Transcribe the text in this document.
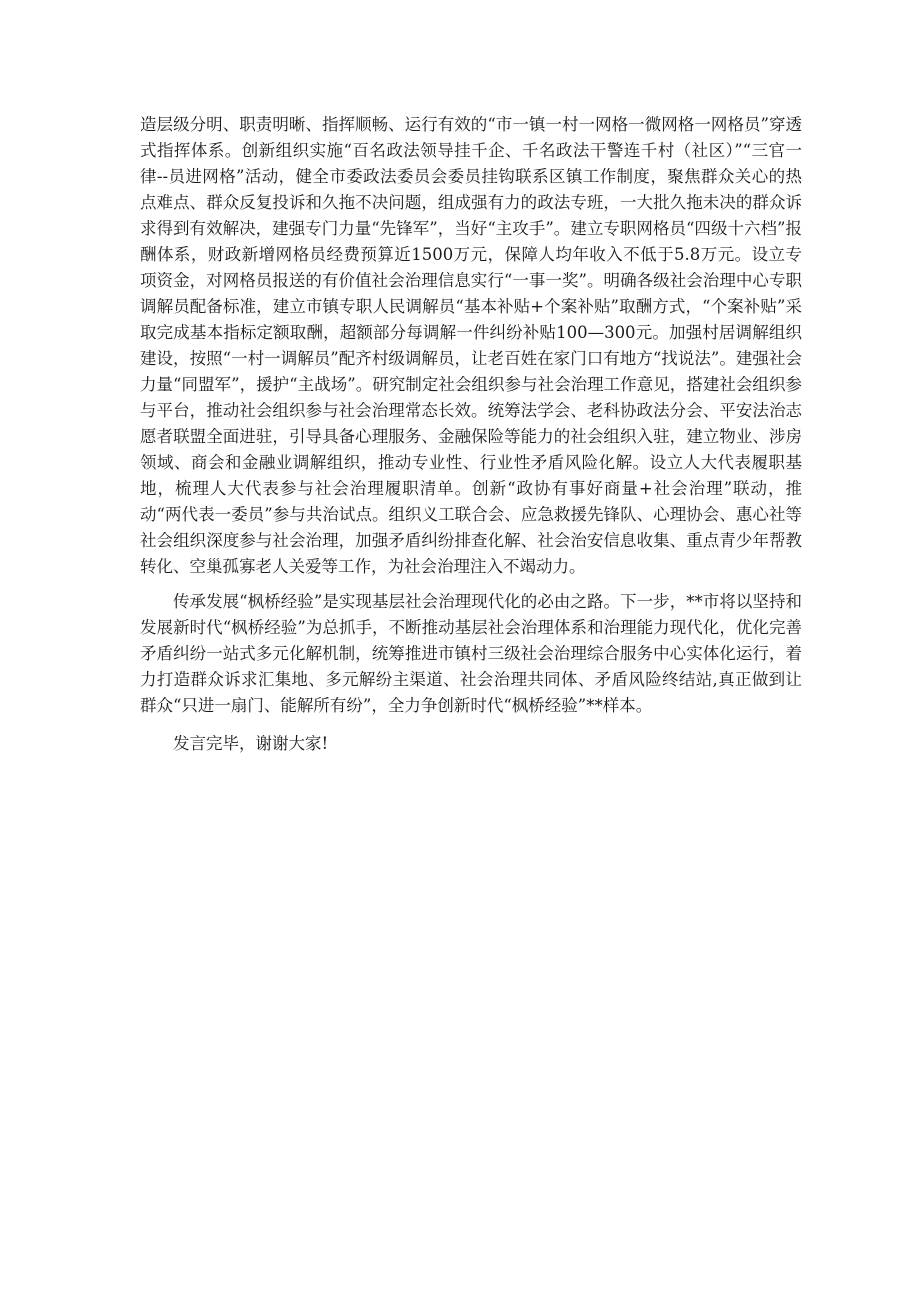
造层级分明、职责明晰、指挥顺畅、运行有效的“市一镇一村一网格一微网格一网格员”穿透式指挥体系。创新组织实施“百名政法领导挂千企、千名政法干警连千村（社区）”“三官一律--员进网格”活动，健全市委政法委员会委员挂钩联系区镇工作制度，聚焦群众关心的热点难点、群众反复投诉和久拖不决问题，组成强有力的政法专班，一大批久拖未决的群众诉求得到有效解决，建强专门力量“先锋军”，当好“主攻手”。建立专职网格员“四级十六档”报酬体系，财政新增网格员经费预算近1500万元，保障人均年收入不低于5.8万元。设立专项资金，对网格员报送的有价值社会治理信息实行“一事一奖”。明确各级社会治理中心专职调解员配备标准，建立市镇专职人民调解员“基本补贴+个案补贴”取酬方式，“个案补贴”采取完成基本指标定额取酬，超额部分每调解一件纠纷补贴100—300元。加强村居调解组织建设，按照“一村一调解员”配齐村级调解员，让老百姓在家门口有地方“找说法”。建强社会力量“同盟军”，援护“主战场”。研究制定社会组织参与社会治理工作意见，搭建社会组织参与平台，推动社会组织参与社会治理常态长效。统筹法学会、老科协政法分会、平安法治志愿者联盟全面进驻，引导具备心理服务、金融保险等能力的社会组织入驻，建立物业、涉房领域、商会和金融业调解组织，推动专业性、行业性矛盾风险化解。设立人大代表履职基地，梳理人大代表参与社会治理履职清单。创新“政协有事好商量+社会治理”联动，推动“两代表一委员”参与共治试点。组织义工联合会、应急救援先锋队、心理协会、惠心社等社会组织深度参与社会治理，加强矛盾纠纷排查化解、社会治安信息收集、重点青少年帮教转化、空巢孤寡老人关爱等工作，为社会治理注入不竭动力。

传承发展“枫桥经验”是实现基层社会治理现代化的必由之路。下一步，**市将以坚持和发展新时代“枫桥经验”为总抓手，不断推动基层社会治理体系和治理能力现代化，优化完善矛盾纠纷一站式多元化解机制，统筹推进市镇村三级社会治理综合服务中心实体化运行，着力打造群众诉求汇集地、多元解纷主渠道、社会治理共同体、矛盾风险终结站,真正做到让群众“只进一扇门、能解所有纷”，全力争创新时代“枫桥经验”**样本。

发言完毕，谢谢大家!
